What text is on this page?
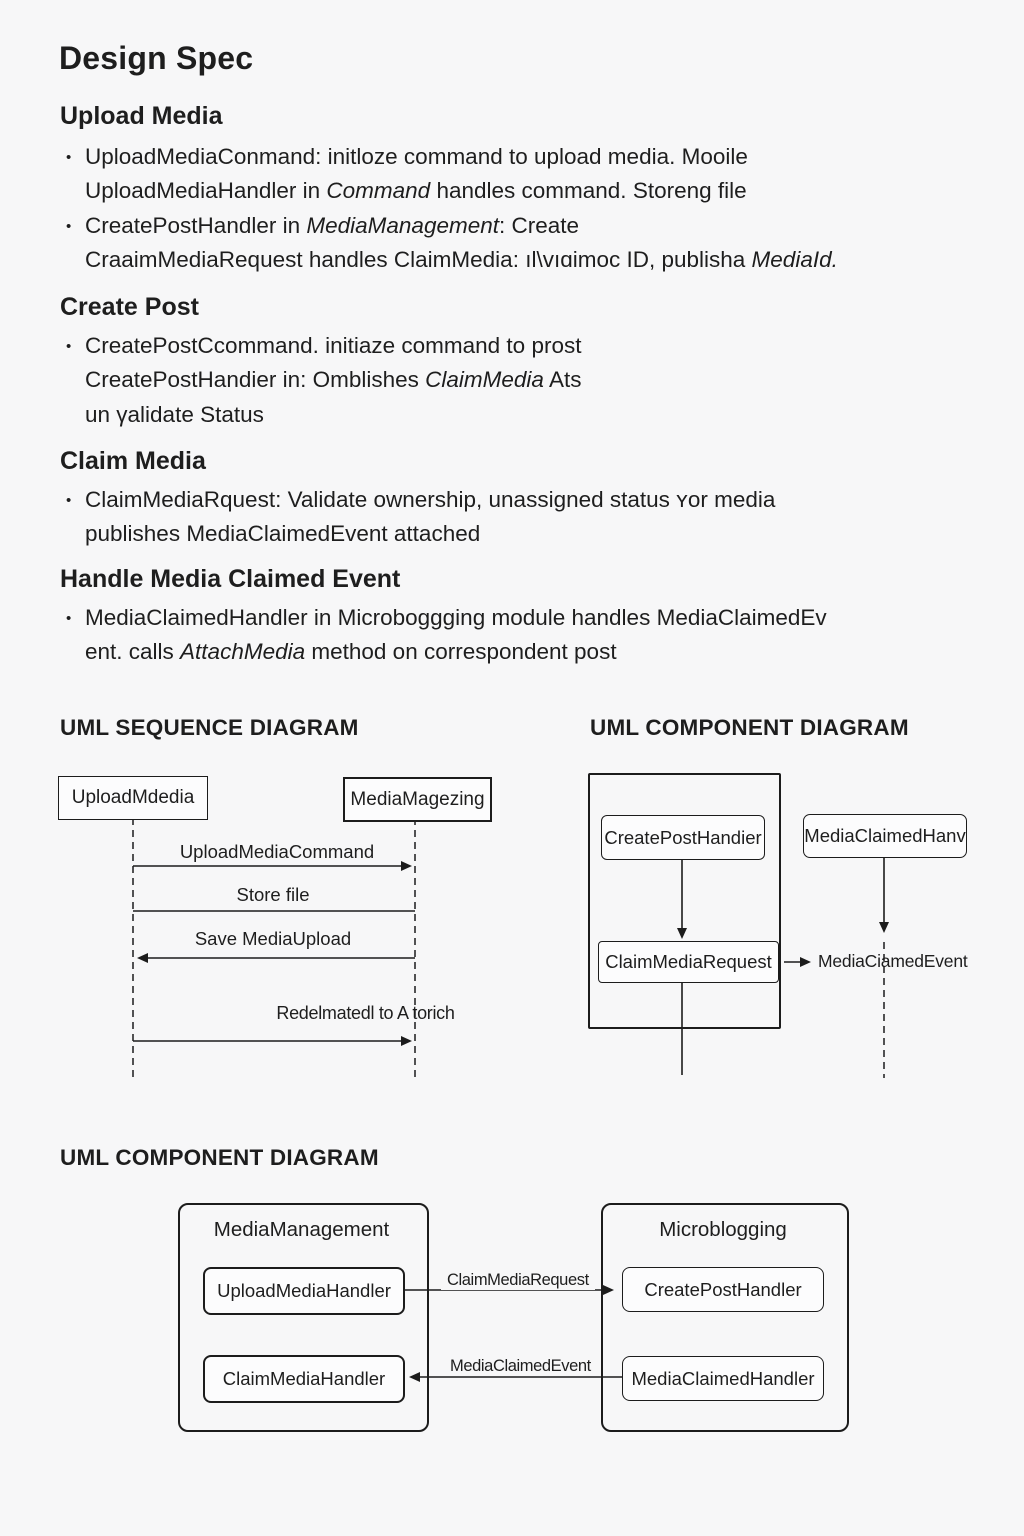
Design Spec
Upload Media
• UploadMediaConmand: initloze command to upload media. Mooile
UploadMediaHandler in Command handles command. Storeng file
• CreatePostHandler in MediaManagement: Create
CraaimMediaRequest handles ClaimMedia: ıl\vıɑimoc ID, publisha MediaId.
Create Post
• CreatePostCcommand. initiaze command to prost
CreatePostHandier in: Omblishes ClaimMedia Ats
un γalidate Status
Claim Media
• ClaimMediaRquest: Validate ownership, unassigned status ʏor media
publishes MediaClaimedEvent attached
Handle Media Claimed Event
• MediaClaimedHandler in Microboggging module handles MediaClaimedEv
ent. calls AttachMedia method on correspondent post
UML SEQUENCE DIAGRAM	UML COMPONENT DIAGRAM
UML COMPONENT DIAGRAM
UploadMdedia	MediaMagezing
UploadMediaCommand
Store file
Save MediaUpload
Redelmatedl to A torich
CreatePostHandier
ClaimMediaRequest
MediaClaimedHanv
MediaCiamedEvent
MediaManagement
UploadMediaHandler
ClaimMediaHandler
Microblogging
CreatePostHandler
MediaClaimedHandler
ClaimMediaRequest
MediaClaimedEvent
